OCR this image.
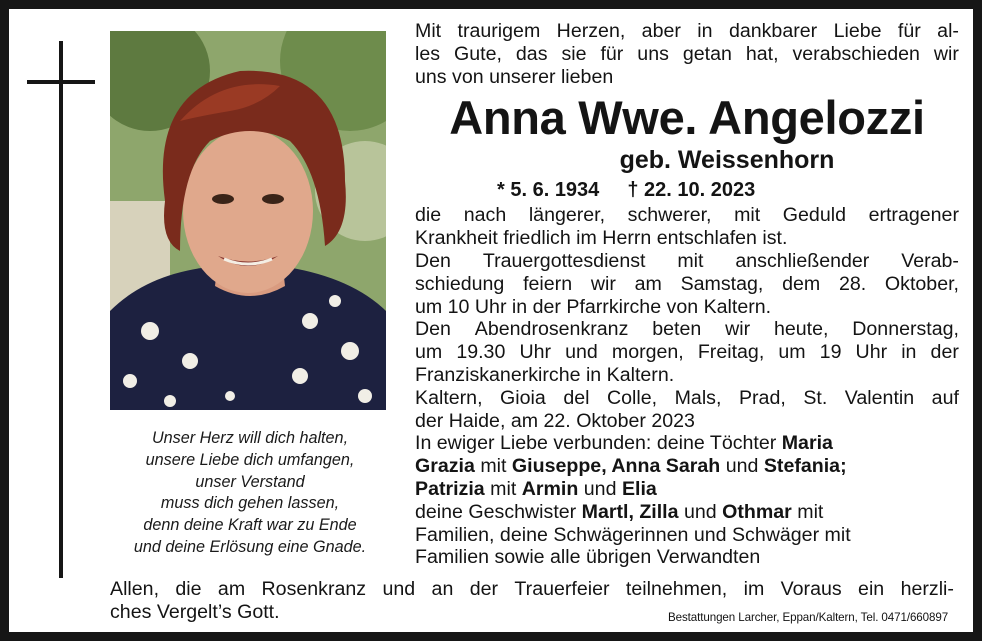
Unser Herz will dich halten,
unsere Liebe dich umfangen,
unser Verstand
muss dich gehen lassen,
denn deine Kraft war zu Ende
und deine Erlösung eine Gnade.
Mit traurigem Herzen, aber in dankbarer Liebe für al-
les Gute, das sie für uns getan hat, verabschieden wir
uns von unserer lieben
Anna Wwe. Angelozzi
geb. Weissenhorn
* 5. 6. 1934 † 22. 10. 2023
die nach längerer, schwerer, mit Geduld ertragener
Krankheit friedlich im Herrn entschlafen ist.
Den Trauergottesdienst mit anschließender Verab-
schiedung feiern wir am Samstag, dem 28. Oktober,
um 10 Uhr in der Pfarrkirche von Kaltern.
Den Abendrosenkranz beten wir heute, Donnerstag,
um 19.30 Uhr und morgen, Freitag, um 19 Uhr in der
Franziskanerkirche in Kaltern.
Kaltern, Gioia del Colle, Mals, Prad, St. Valentin auf
der Haide, am 22. Oktober 2023
In ewiger Liebe verbunden: deine Töchter Maria
Grazia mit Giuseppe, Anna Sarah und Stefania;
Patrizia mit Armin und Elia
deine Geschwister Martl, Zilla und Othmar mit
Familien, deine Schwägerinnen und Schwäger mit
Familien sowie alle übrigen Verwandten
Allen, die am Rosenkranz und an der Trauerfeier teilnehmen, im Voraus ein herzli-
ches Vergelt’s Gott.	Bestattungen Larcher, Eppan/Kaltern, Tel. 0471/660897
